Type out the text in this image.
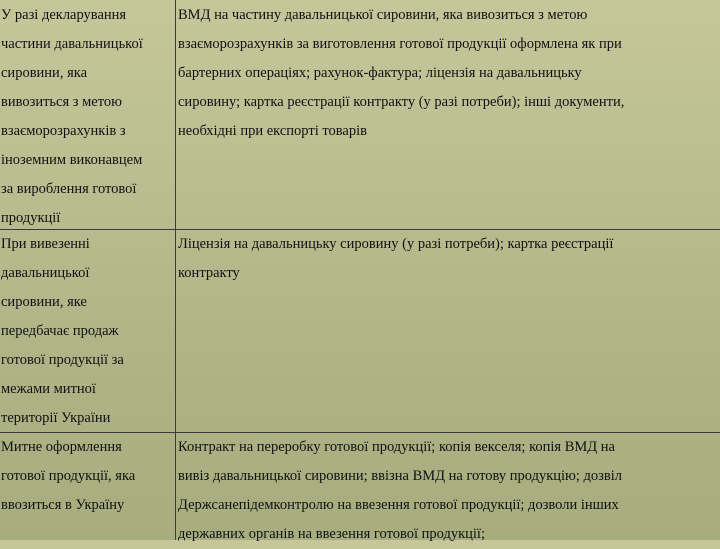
У разі декларування
частини давальницької
сировини, яка
вивозиться з метою
взаєморозрахунків з
іноземним виконавцем
за вироблення готової
продукції
ВМД на частину давальницької сировини, яка вивозиться з метою
взаєморозрахунків за виготовлення готової продукції оформлена як при
бартерних операціях; рахунок-фактура; ліцензія на давальницьку
сировину; картка реєстрації контракту (у разі потреби); інші документи,
необхідні при експорті товарів
При вивезенні
давальницької
сировини, яке
передбачає продаж
готової продукції за
межами митної
території України
Ліцензія на давальницьку сировину (у разі потреби); картка реєстрації
контракту
Митне оформлення
готової продукції, яка
ввозиться в Україну
Контракт на переробку готової продукції; копія векселя; копія ВМД на
вивіз давальницької сировини; ввізна ВМД на готову продукцію; дозвіл
Держсанепідемконтролю на ввезення готової продукції; дозволи інших
державних органів на ввезення готової продукції;
